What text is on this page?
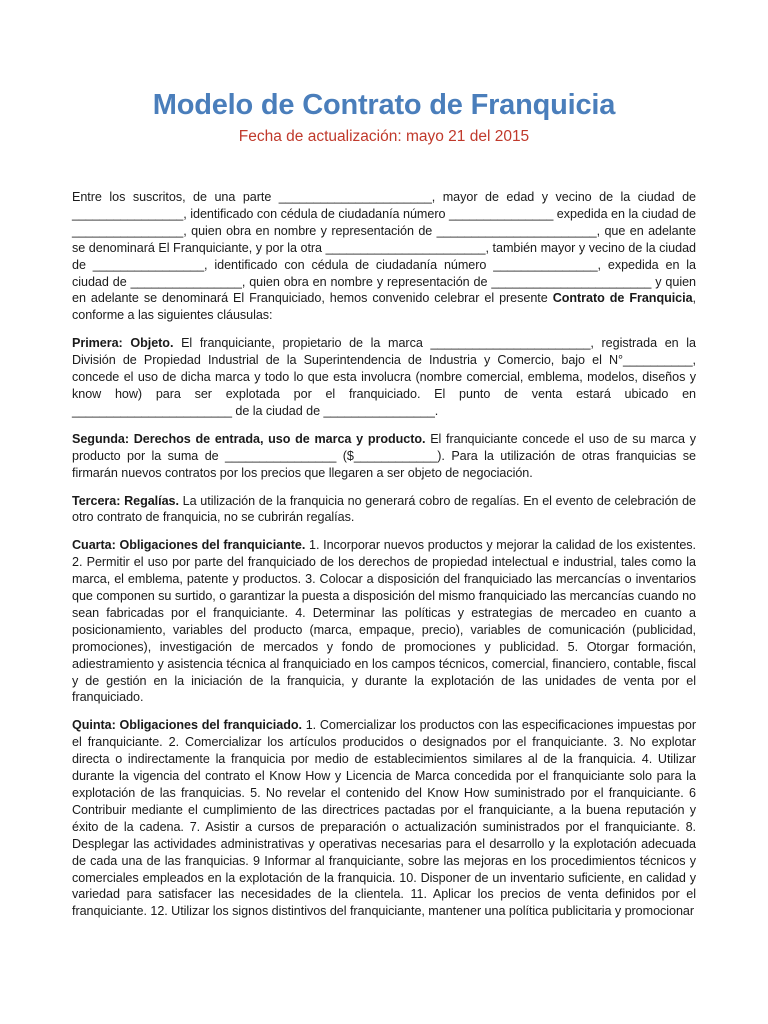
Modelo de Contrato de Franquicia

Fecha de actualización: mayo 21 del 2015

Entre los suscritos, de una parte ______________________, mayor de edad y vecino de la ciudad de ________________, identificado con cédula de ciudadanía número _______________ expedida en la ciudad de ________________, quien obra en nombre y representación de _______________________, que en adelante se denominará El Franquiciante, y por la otra _______________________, también mayor y vecino de la ciudad de ________________, identificado con cédula de ciudadanía número _______________, expedida en la ciudad de ________________, quien obra en nombre y representación de _______________________ y quien en adelante se denominará El Franquiciado, hemos convenido celebrar el presente Contrato de Franquicia, conforme a las siguientes cláusulas:

Primera: Objeto. El franquiciante, propietario de la marca _______________________, registrada en la División de Propiedad Industrial de la Superintendencia de Industria y Comercio, bajo el N°__________, concede el uso de dicha marca y todo lo que esta involucra (nombre comercial, emblema, modelos, diseños y know how) para ser explotada por el franquiciado. El punto de venta estará ubicado en _______________________ de la ciudad de ________________.

Segunda: Derechos de entrada, uso de marca y producto. El franquiciante concede el uso de su marca y producto por la suma de ________________ ($____________). Para la utilización de otras franquicias se firmarán nuevos contratos por los precios que llegaren a ser objeto de negociación.

Tercera: Regalías. La utilización de la franquicia no generará cobro de regalías. En el evento de celebración de otro contrato de franquicia, no se cubrirán regalías.

Cuarta: Obligaciones del franquiciante. 1. Incorporar nuevos productos y mejorar la calidad de los existentes. 2. Permitir el uso por parte del franquiciado de los derechos de propiedad intelectual e industrial, tales como la marca, el emblema, patente y productos. 3. Colocar a disposición del franquiciado las mercancías o inventarios que componen su surtido, o garantizar la puesta a disposición del mismo franquiciado las mercancías cuando no sean fabricadas por el franquiciante. 4. Determinar las políticas y estrategias de mercadeo en cuanto a posicionamiento, variables del producto (marca, empaque, precio), variables de comunicación (publicidad, promociones), investigación de mercados y fondo de promociones y publicidad. 5. Otorgar formación, adiestramiento y asistencia técnica al franquiciado en los campos técnicos, comercial, financiero, contable, fiscal y de gestión en la iniciación de la franquicia, y durante la explotación de las unidades de venta por el franquiciado.

Quinta: Obligaciones del franquiciado. 1. Comercializar los productos con las especificaciones impuestas por el franquiciante. 2. Comercializar los artículos producidos o designados por el franquiciante. 3. No explotar directa o indirectamente la franquicia por medio de establecimientos similares al de la franquicia. 4. Utilizar durante la vigencia del contrato el Know How y Licencia de Marca concedida por el franquiciante solo para la explotación de las franquicias. 5. No revelar el contenido del Know How suministrado por el franquiciante. 6 Contribuir mediante el cumplimiento de las directrices pactadas por el franquiciante, a la buena reputación y éxito de la cadena. 7. Asistir a cursos de preparación o actualización suministrados por el franquiciante. 8. Desplegar las actividades administrativas y operativas necesarias para el desarrollo y la explotación adecuada de cada una de las franquicias. 9 Informar al franquiciante, sobre las mejoras en los procedimientos técnicos y comerciales empleados en la explotación de la franquicia. 10. Disponer de un inventario suficiente, en calidad y variedad para satisfacer las necesidades de la clientela. 11. Aplicar los precios de venta definidos por el franquiciante. 12. Utilizar los signos distintivos del franquiciante, mantener una política publicitaria y promocionar
